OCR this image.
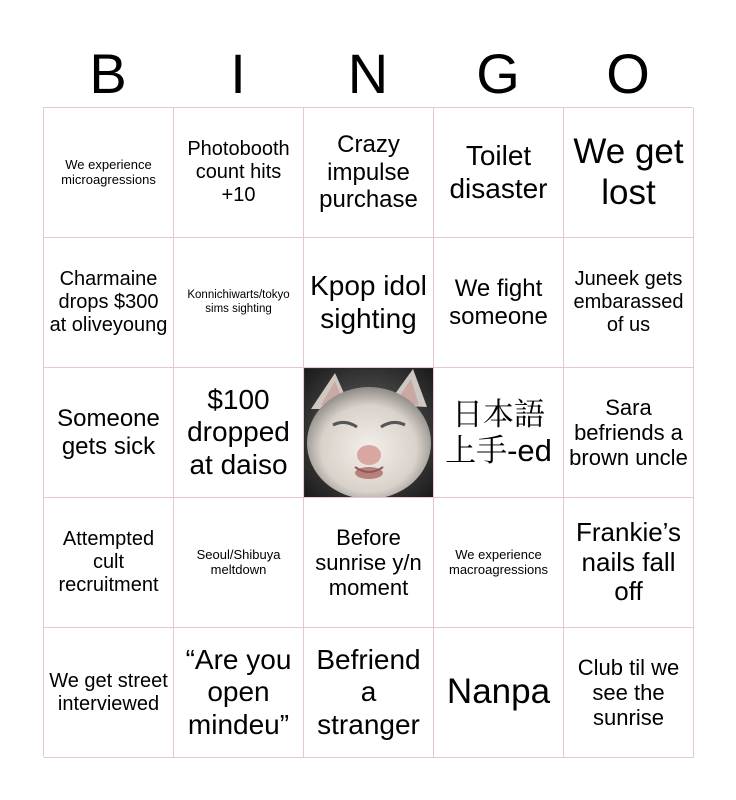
B	I	N	G	O
We experience microagressions
Photobooth count hits +10
Crazy impulse purchase
Toilet disaster
We get lost
Charmaine drops $300 at oliveyoung
Konnichiwarts/tokyo sims sighting
Kpop idol sighting
We fight someone
Juneek gets embarassed of us
Someone gets sick
$100 dropped at daiso
日本語上手-ed
Sara befriends a brown uncle
Attempted cult recruitment
Seoul/Shibuya meltdown
Before sunrise y/n moment
We experience macroagressions
Frankie’s nails fall off
We get street interviewed
“Are you open mindeu”
Befriend a stranger
Nanpa
Club til we see the sunrise
